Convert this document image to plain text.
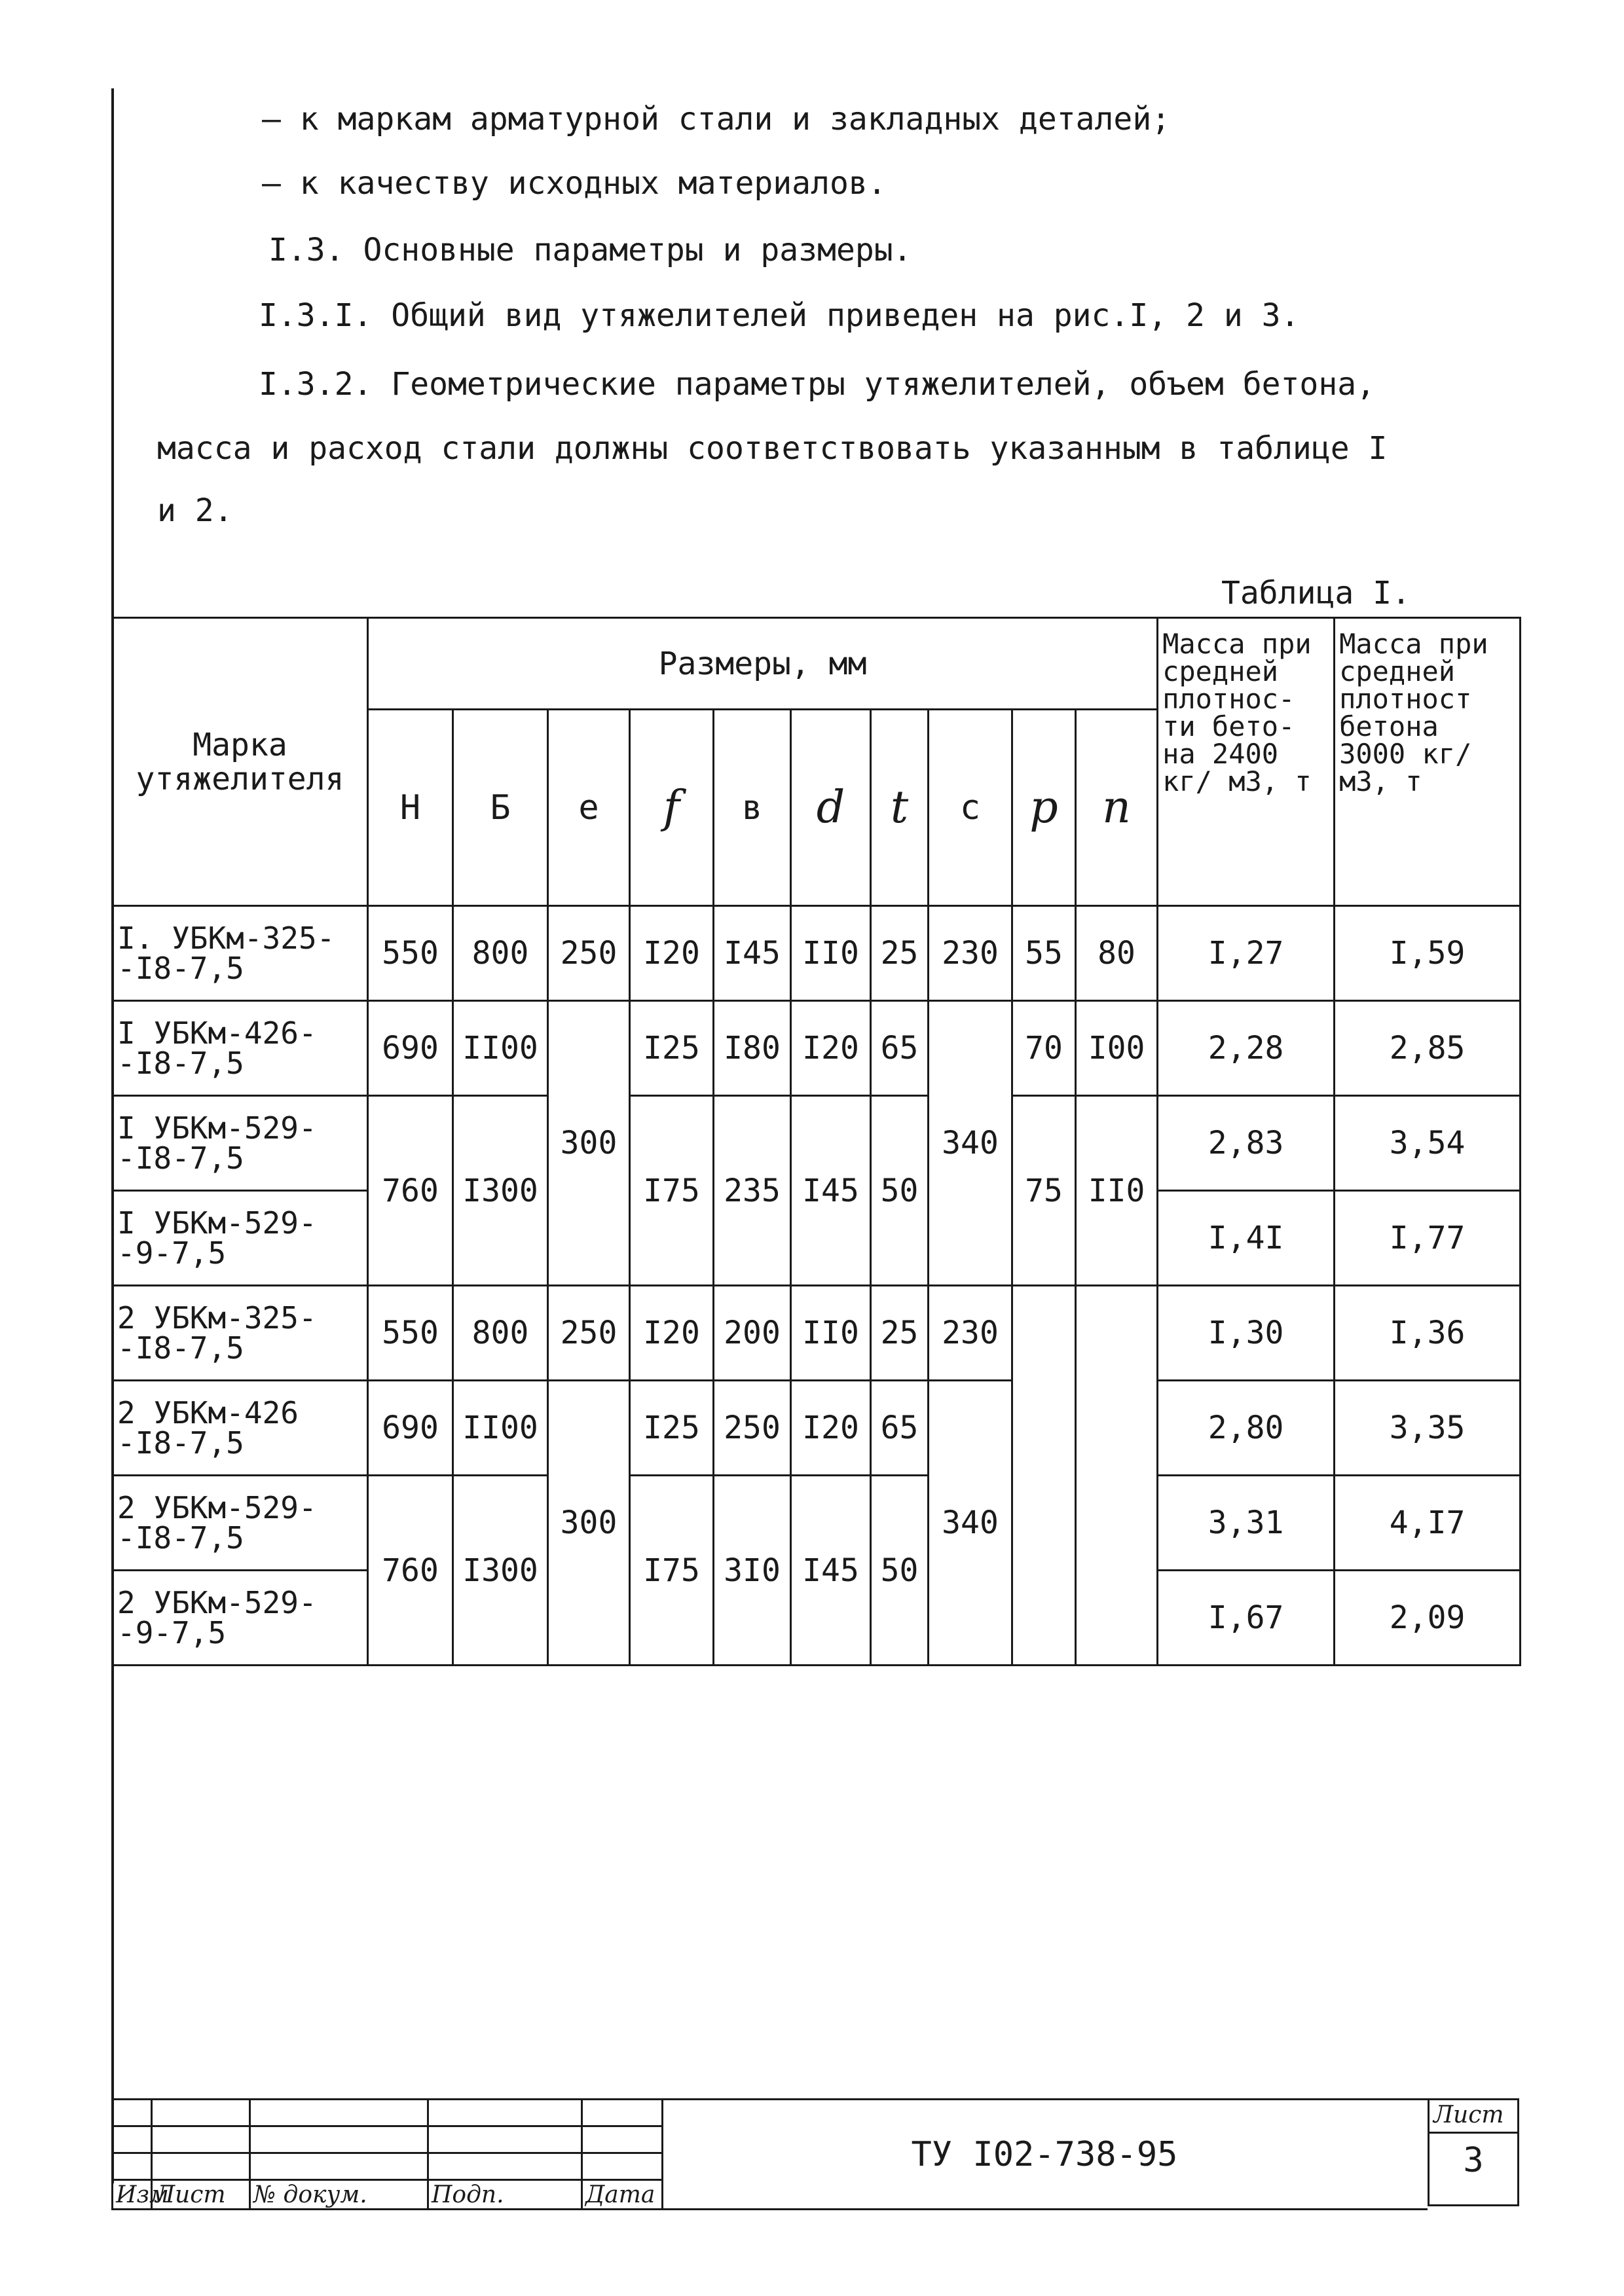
– к маркам арматурной стали и закладных деталей;
– к качеству исходных материалов.
I.3. Основные параметры и размеры.
I.3.I. Общий вид утяжелителей приведен на рис.I, 2 и 3.
I.3.2. Геометрические параметры утяжелителей, объем бетона,
масса и расход стали должны соответствовать указанным в таблице I
и 2.
Таблица I.
Марка утяжелителя	Размеры, мм										Масса при средней плотнос- ти бето- на 2400 кг/ м3, т	Масса при средней плотност бетона 3000 кг/ м3, т
	Н	Б	е	f	в	d	t	с	p	n		
I. УБКм-325-
-I8-7,5	550	800	250	I20	I45	II0	25	230	55	80	I,27	I,59
I УБКм-426-
-I8-7,5	690	II00	300	I25	I80	I20	65	340	70	I00	2,28	2,85
I УБКм-529-
-I8-7,5	760	I300		I75	235	I45	50		75	II0	2,83	3,54
I УБКм-529-
-9-7,5											I,4I	I,77
2 УБКм-325-
-I8-7,5	550	800	250	I20	200	II0	25	230			I,30	I,36
2 УБКм-426
-I8-7,5	690	II00	300	I25	250	I20	65	340			2,80	3,35
2 УБКм-529-
-I8-7,5	760	I300		I75	3I0	I45	50				3,31	4,I7
2 УБКм-529-
-9-7,5											I,67	2,09

Изм	Лист	№ докум.	Подп.	Дата
ТУ I02-738-95
Лист
3
